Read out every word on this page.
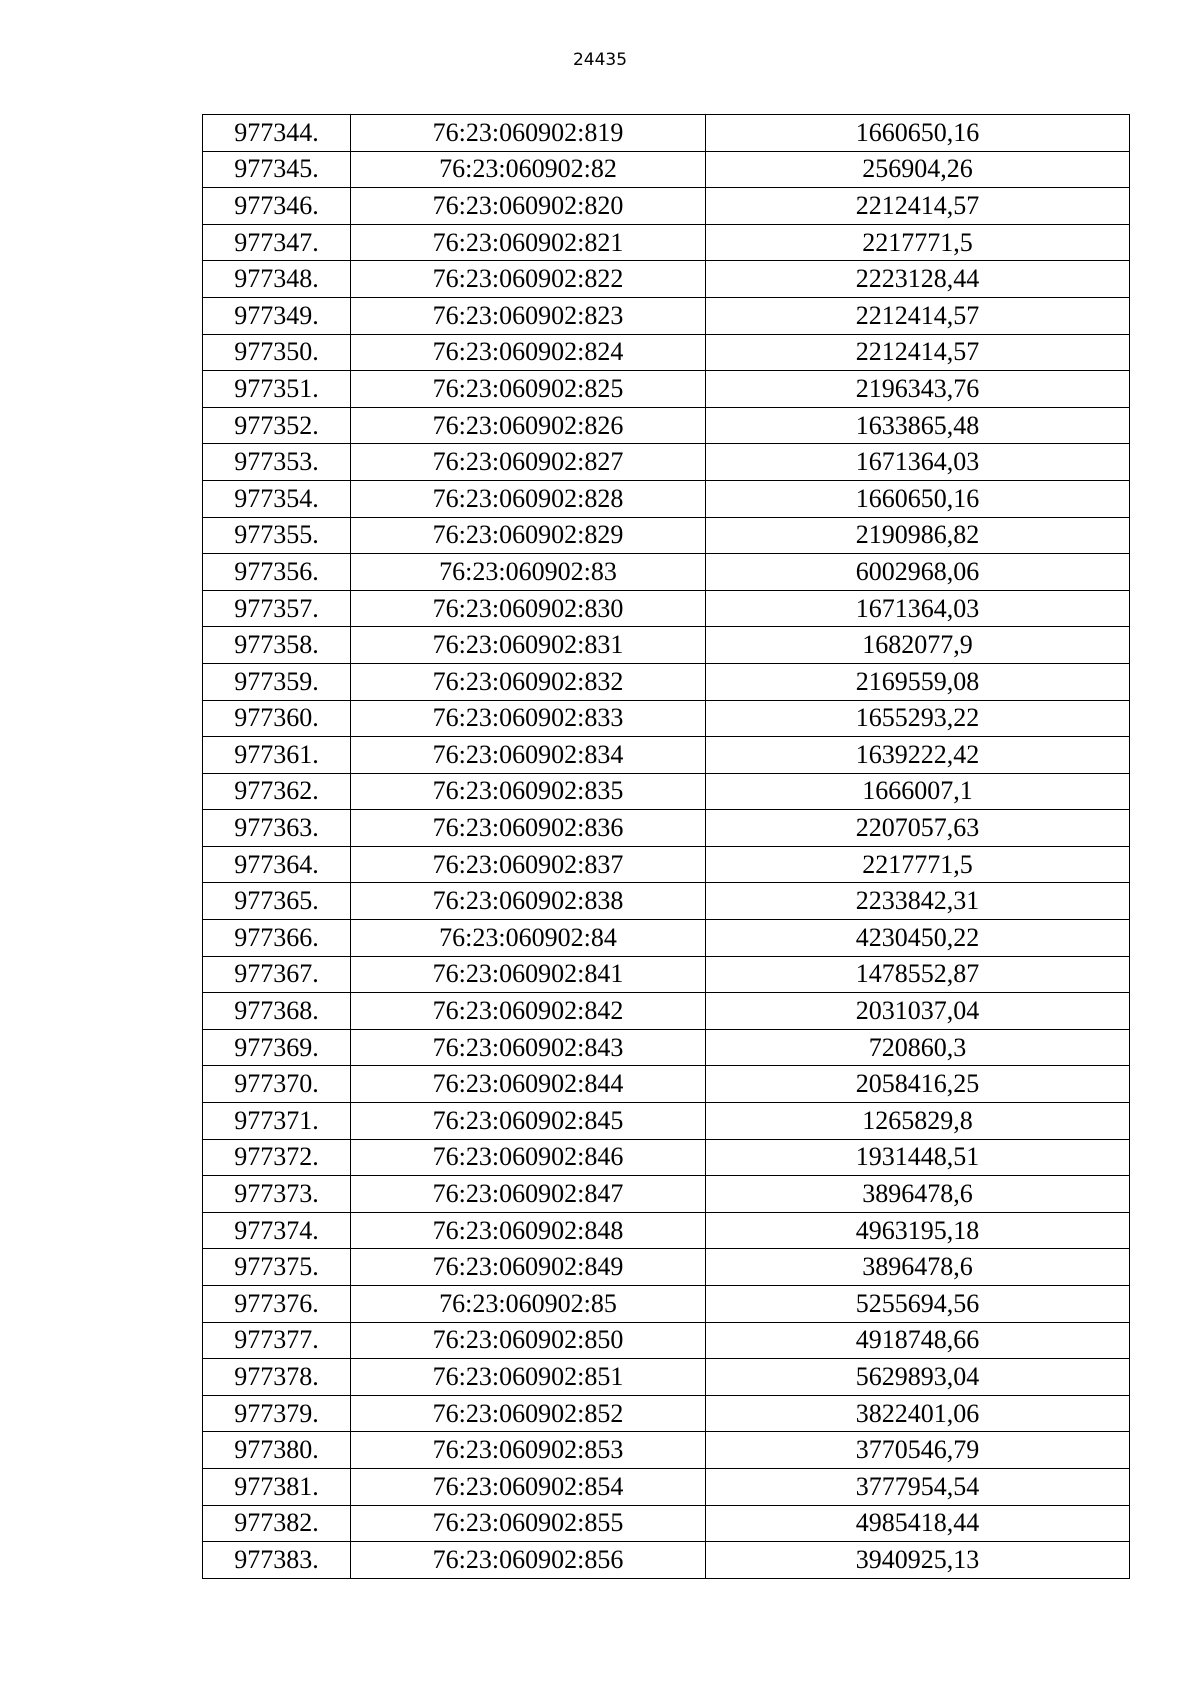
24435
977344.	76:23:060902:819	1660650,16
977345.	76:23:060902:82	256904,26
977346.	76:23:060902:820	2212414,57
977347.	76:23:060902:821	2217771,5
977348.	76:23:060902:822	2223128,44
977349.	76:23:060902:823	2212414,57
977350.	76:23:060902:824	2212414,57
977351.	76:23:060902:825	2196343,76
977352.	76:23:060902:826	1633865,48
977353.	76:23:060902:827	1671364,03
977354.	76:23:060902:828	1660650,16
977355.	76:23:060902:829	2190986,82
977356.	76:23:060902:83	6002968,06
977357.	76:23:060902:830	1671364,03
977358.	76:23:060902:831	1682077,9
977359.	76:23:060902:832	2169559,08
977360.	76:23:060902:833	1655293,22
977361.	76:23:060902:834	1639222,42
977362.	76:23:060902:835	1666007,1
977363.	76:23:060902:836	2207057,63
977364.	76:23:060902:837	2217771,5
977365.	76:23:060902:838	2233842,31
977366.	76:23:060902:84	4230450,22
977367.	76:23:060902:841	1478552,87
977368.	76:23:060902:842	2031037,04
977369.	76:23:060902:843	720860,3
977370.	76:23:060902:844	2058416,25
977371.	76:23:060902:845	1265829,8
977372.	76:23:060902:846	1931448,51
977373.	76:23:060902:847	3896478,6
977374.	76:23:060902:848	4963195,18
977375.	76:23:060902:849	3896478,6
977376.	76:23:060902:85	5255694,56
977377.	76:23:060902:850	4918748,66
977378.	76:23:060902:851	5629893,04
977379.	76:23:060902:852	3822401,06
977380.	76:23:060902:853	3770546,79
977381.	76:23:060902:854	3777954,54
977382.	76:23:060902:855	4985418,44
977383.	76:23:060902:856	3940925,13
